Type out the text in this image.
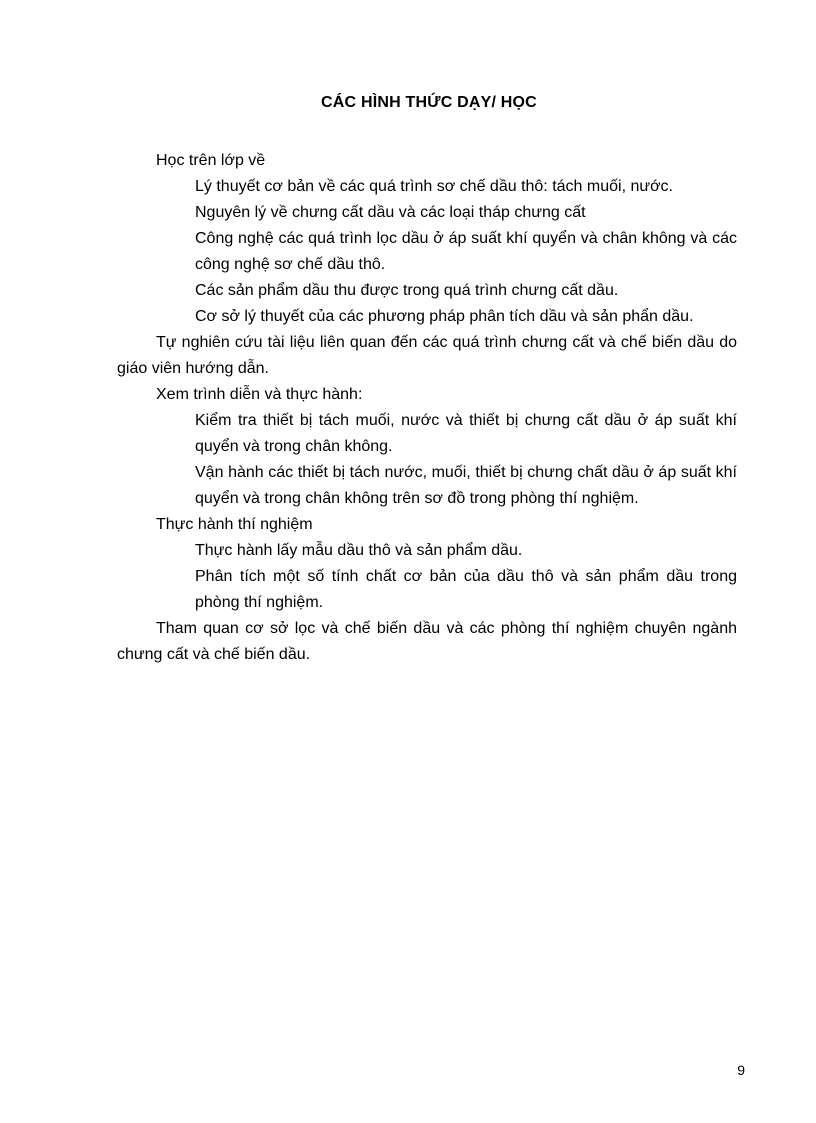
CÁC HÌNH THỨC DẠY/ HỌC

Học trên lớp về

Lý thuyết cơ bản về các quá trình sơ chế dầu thô: tách muối, nước.

Nguyên lý về chưng cất dầu và các loại tháp chưng cất

Công nghệ các quá trình lọc dầu ở áp suất khí quyển và chân không và các công nghệ sơ chế dầu thô.

Các sản phẩm dầu thu được trong quá trình chưng cất dầu.

Cơ sở lý thuyết của các phương pháp phân tích dầu và sản phẩn dầu.

Tự nghiên cứu tài liệu liên quan đến các quá trình chưng cất và chế biến dầu do giáo viên hướng dẫn.

Xem trình diễn và thực hành:

Kiểm tra thiết bị tách muối, nước và thiết bị chưng cất dầu ở áp suất khí quyển và trong chân không.

Vận hành các thiết bị tách nước, muối, thiết bị chưng chất dầu ở áp suất khí quyển và trong chân không trên sơ đồ trong phòng thí nghiệm.

Thực hành thí nghiệm

Thực hành lấy mẫu dầu thô và sản phẩm dầu.

Phân tích một số tính chất cơ bản của dầu thô và sản phẩm dầu trong phòng thí nghiệm.

Tham quan cơ sở lọc và chế biến dầu và các phòng thí nghiệm chuyên ngành chưng cất và chế biến dầu.

9
